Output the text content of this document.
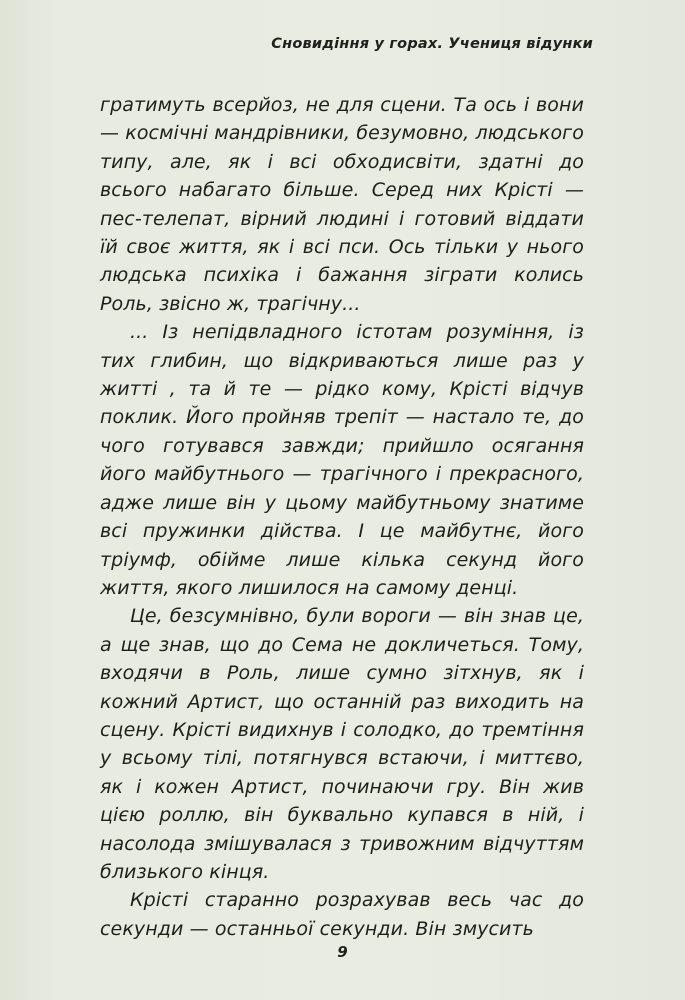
Сновидіння у горах. Учениця відунки

гратимуть всерйоз, не для сцени. Та ось і вони — космічні мандрівники, безумовно, людського типу, але, як і всі обходисвіти, здатні до всього набагато більше. Серед них Крісті — пес-телепат, вірний людині і готовий віддати їй своє життя, як і всі пси. Ось тільки у нього людська психіка і бажання зіграти колись Роль, звісно ж, трагічну...

... Із непідвладного істотам розуміння, із тих глибин, що відкриваються лише раз у житті , та й те — рідко кому, Крісті відчув поклик. Його пройняв трепіт — настало те, до чого готувався завжди; прийшло осягання його майбутнього — трагічного і прекрасного, адже лише він у цьому майбутньому знатиме всі пружинки дійства. І це майбутнє, його тріумф, обійме лише кілька секунд його життя, якого лишилося на самому денці.

Це, безсумнівно, були вороги — він знав це, а ще знав, що до Сема не докличеться. Тому, входячи в Роль, лише сумно зітхнув, як і кожний Артист, що останній раз виходить на сцену. Крісті видихнув і солодко, до тремтіння у всьому тілі, потягнувся встаючи, і миттєво, як і кожен Артист, починаючи гру. Він жив цією роллю, він буквально купався в ній, і насолода змішувалася з тривожним відчуттям близького кінця.

Крісті старанно розрахував весь час до секунди — останньої секунди. Він змусить

9
